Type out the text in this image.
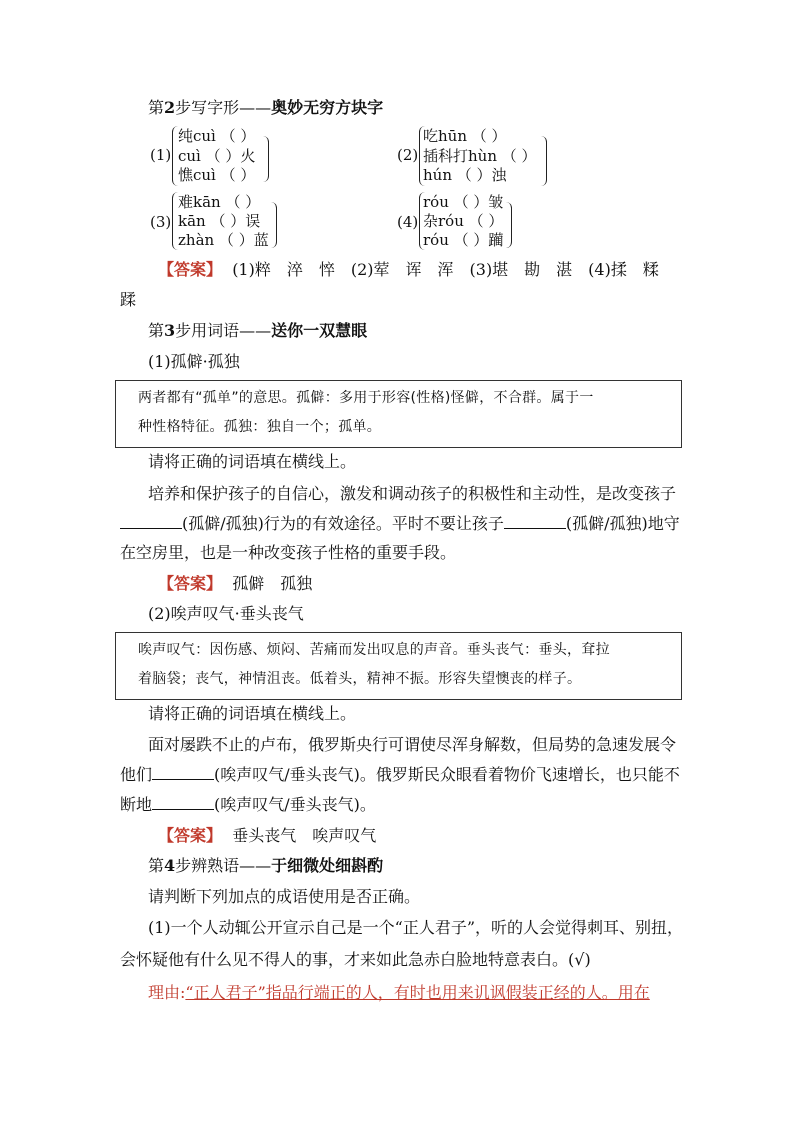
第2步写字形——奥妙无穷方块字
(1)
纯cuì （ ）
cuì （ ）火
憔cuì （ ）
(2)
吃hūn （ ）
插科打hùn （ ）
hún （ ）浊
(3)
难kān （ ）
kān （ ）误
zhàn （ ）蓝
(4)
róu （ ）皱
杂róu （ ）
róu （ ）躏
【答案】 (1)粹　淬　悴　(2)荤　诨　浑　(3)堪　勘　湛　(4)揉　糅
蹂
第3步用词语——送你一双慧眼
(1)孤僻·孤独

两者都有“孤单”的意思。孤僻：多用于形容(性格)怪僻，不合群。属于一

种性格特征。孤独：独自一个；孤单。

请将正确的词语填在横线上。
培养和保护孩子的自信心，激发和调动孩子的积极性和主动性，是改变孩子
(孤僻/孤独)行为的有效途径。平时不要让孩子	(孤僻/孤独)地守
在空房里，也是一种改变孩子性格的重要手段。
【答案】 孤僻　孤独
(2)唉声叹气·垂头丧气

唉声叹气：因伤感、烦闷、苦痛而发出叹息的声音。垂头丧气：垂头，耷拉

着脑袋；丧气，神情沮丧。低着头，精神不振。形容失望懊丧的样子。

请将正确的词语填在横线上。
面对屡跌不止的卢布，俄罗斯央行可谓使尽浑身解数，但局势的急速发展令
他们	(唉声叹气/垂头丧气)。俄罗斯民众眼看着物价飞速增长，也只能不
断地	(唉声叹气/垂头丧气)。
【答案】 垂头丧气　唉声叹气
第4步辨熟语——于细微处细斟酌
请判断下列加点的成语使用是否正确。
(1)一个人动辄公开宣示自己是一个“正人君子”，听的人会觉得刺耳、别扭，
会怀疑他有什么见不得人的事，才来如此急赤白脸地特意表白。(√)
理由:“正人君子”指品行端正的人，有时也用来讥讽假装正经的人。用在
